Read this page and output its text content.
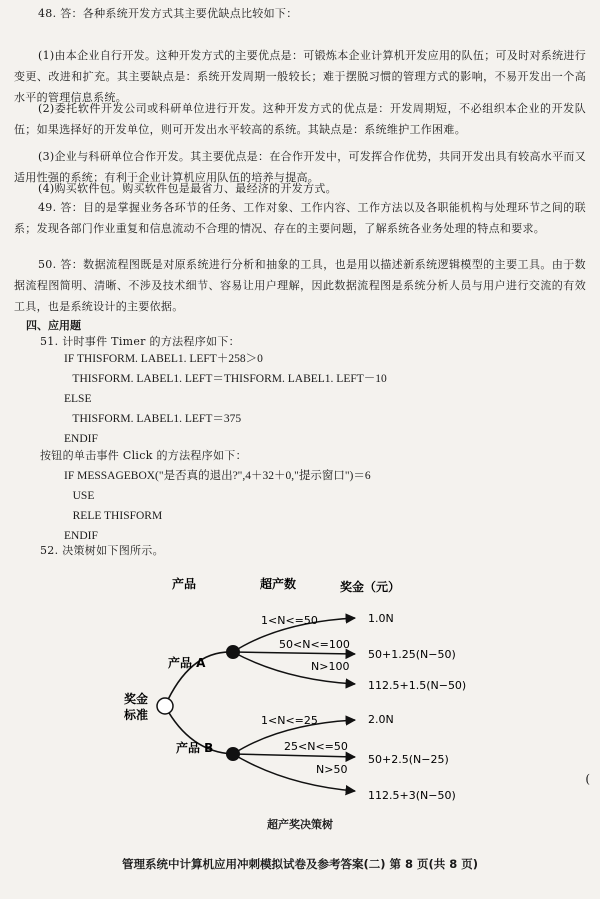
48. 答：各种系统开发方式其主要优缺点比较如下：
(1)由本企业自行开发。这种开发方式的主要优点是：可锻炼本企业计算机开发应用的队伍；可及时对系统进行变更、改进和扩充。其主要缺点是：系统开发周期一般较长；难于摆脱习惯的管理方式的影响，不易开发出一个高水平的管理信息系统。
(2)委托软件开发公司或科研单位进行开发。这种开发方式的优点是：开发周期短，不必组织本企业的开发队伍；如果选择好的开发单位，则可开发出水平较高的系统。其缺点是：系统维护工作困难。
(3)企业与科研单位合作开发。其主要优点是：在合作开发中，可发挥合作优势，共同开发出具有较高水平而又适用性强的系统；有利于企业计算机应用队伍的培养与提高。
(4)购买软件包。购买软件包是最省力、最经济的开发方式。
49. 答：目的是掌握业务各环节的任务、工作对象、工作内容、工作方法以及各职能机构与处理环节之间的联系；发现各部门作业重复和信息流动不合理的情况、存在的主要问题，了解系统各业务处理的特点和要求。
50. 答：数据流程图既是对原系统进行分析和抽象的工具，也是用以描述新系统逻辑模型的主要工具。由于数据流程图简明、清晰、不涉及技术细节、容易让用户理解，因此数据流程图是系统分析人员与用户进行交流的有效工具，也是系统设计的主要依据。
四、应用题
51. 计时事件 Timer 的方法程序如下：
IF THISFORM. LABEL1. LEFT＋258＞0
THISFORM. LABEL1. LEFT＝THISFORM. LABEL1. LEFT－10
ELSE
THISFORM. LABEL1. LEFT＝375
ENDIF
按钮的单击事件 Click 的方法程序如下：
IF MESSAGEBOX("是否真的退出?",4＋32＋0,"提示窗口")＝6
USE
RELE THISFORM
ENDIF
52. 决策树如下图所示。
产品	超产数	奖金（元）
奖金
标准
产品 A
产品 B
1<N<=50
50<N<=100
N>100
1<N<=25
25<N<=50
N>50
1.0N
50+1.25(N−50)
112.5+1.5(N−50)
2.0N
50+2.5(N−25)
112.5+3(N−50)
超产奖决策树
(
管理系统中计算机应用冲刺模拟试卷及参考答案(二) 第 8 页(共 8 页)
